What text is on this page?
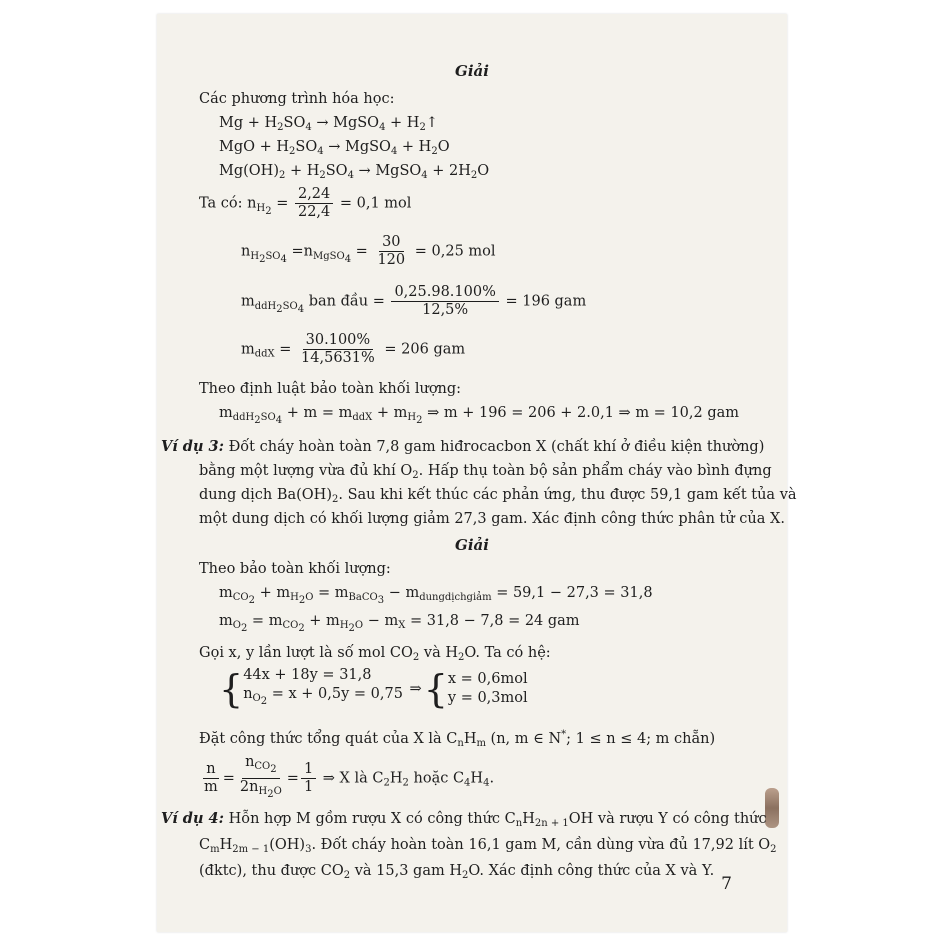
Giải
Các phương trình hóa học:
$Mg + H_2SO_4$ → MgSO$_4$ + $H_2↑$
MgO + $H_2SO_4$ → MgSO$_4$ + $H_2O$
$Mg(OH)_2 + H_2SO_4$ → MgSO$_4$ + $2H_2O$
Ta có: $n_{H_2} = \frac{2,24}{22,4} = 0,1$ mol
$n_{H_2SO_4} =n_{MgSO_4} = \frac{30}{120} = 0,25$ mol
$m_{ddH_2SO_4}$ ban đầu = $\frac{0,25.98.100\%}{12,5\%} = 196$ gam
$m_{ddX} = \frac{30.100\%}{14,5631\%} = 206$ gam
Theo định luật bảo toàn khối lượng:
$m_{ddH_2SO_4} + m = m_{ddX} + m_{H_2}$ ⇒ m + 196 = 206 + 2.0,1 ⇒ m = 10,2 gam
Ví dụ 3: Đốt cháy hoàn toàn 7,8 gam hiđrocacbon X (chất khí ở điều kiện thường)
bằng một lượng vừa đủ khí $O_2$. Hấp thụ toàn bộ sản phẩm cháy vào bình đựng
dung dịch $Ba(OH)_2$. Sau khi kết thúc các phản ứng, thu được 59,1 gam kết tủa và
một dung dịch có khối lượng giảm 27,3 gam. Xác định công thức phân tử của X.
Giải
Theo bảo toàn khối lượng:
$m_{CO_2} + m_{H_2O} = m_{BaCO_3} - m_{dungdịchgiảm} = 59,1 - 27,3 = 31,8$
$m_{O_2} = m_{CO_2} + m_{H_2O} - m_X = 31,8 - 7,8 = 24$ gam
Gọi x, y lần lượt là số mol $CO_2$ và $H_2O$. Ta có hệ:
{ 44x + 18y = 31,8
$n_{O_2} = x + 0,5y = 0,75$ ⇒{ x = 0,6mol
y = 0,3mol
Đặt công thức tổng quát của X là $C_nH_m$ (n, m ∈ N*; 1 ≤ n ≤ 4; m chẵn)
$\frac{n}{m} = \frac{n_{CO_2}}{2n_{H_2O}} = \frac{1}{1}$ ⇒ X là $C_2H_2$ hoặc $C_4H_4$.
Ví dụ 4: Hỗn hợp M gồm rượu X có công thức $C_nH_{2n + 1}OH$ và rượu Y có công thức
$C_mH_{2m - 1}(OH)_3$. Đốt cháy hoàn toàn 16,1 gam M, cần dùng vừa đủ 17,92 lít $O_2$
(đktc), thu được $CO_2$ và 15,3 gam $H_2O$. Xác định công thức của X và Y.
7
